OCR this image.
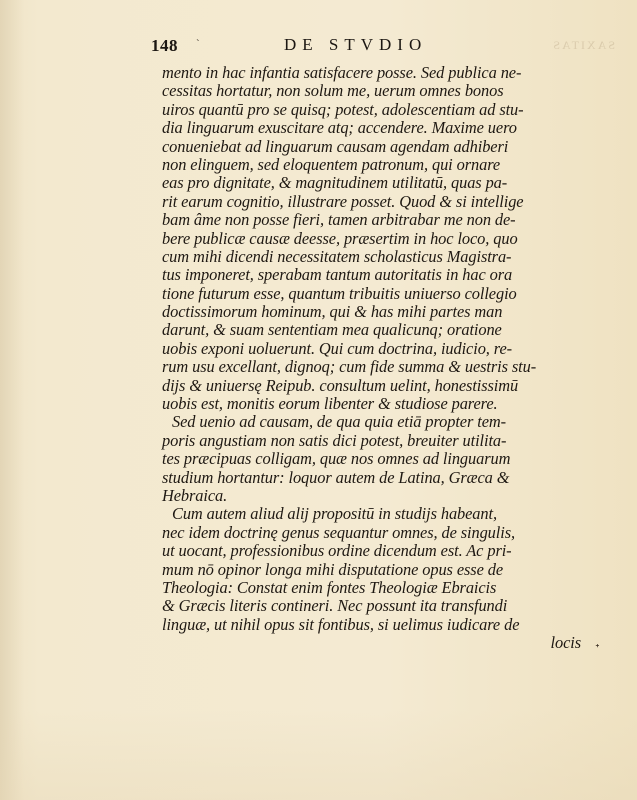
SAXITAS
148 ˋ	DE STVDIO
mento in hac infantia satisfacere posse. Sed publica ne-
cessitas hortatur, non solum me, uerum omnes bonos
uiros quantū pro se quisq; potest, adolescentiam ad stu-
dia linguarum exuscitare atq; accendere. Maxime uero
conueniebat ad linguarum causam agendam adhiberi
non elinguem, sed eloquentem patronum, qui ornare
eas pro dignitate, & magnitudinem utilitatū, quas pa-
rit earum cognitio, illustrare posset. Quod & si intellige
bam âme non posse fieri, tamen arbitrabar me non de-
bere publicæ causæ deesse, præsertim in hoc loco, quo
cum mihi dicendi necessitatem scholasticus Magistra-
tus imponeret, sperabam tantum autoritatis in hac ora
tione futurum esse, quantum tribuitis uniuerso collegio
doctissimorum hominum, qui & has mihi partes man
darunt, & suam sententiam mea qualicunq; oratione
uobis exponi uoluerunt. Qui cum doctrina, iudicio, re-
rum usu excellant, dignoq; cum fide summa & uestris stu-
dijs & uniuersę Reipub. consultum uelint, honestissimū
uobis est, monitis eorum libenter & studiose parere.
Sed uenio ad causam, de qua quia etiā propter tem-
poris angustiam non satis dici potest, breuiter utilita-
tes præcipuas colligam, quæ nos omnes ad linguarum
studium hortantur: loquor autem de Latina, Græca &
Hebraica.
Cum autem aliud alij propositū in studijs habeant,
nec idem doctrinę genus sequantur omnes, de singulis,
ut uocant, professionibus ordine dicendum est. Ac pri-
mum nō opinor longa mihi disputatione opus esse de
Theologia: Constat enim fontes Theologiæ Ebraicis
& Græcis literis contineri. Nec possunt ita transfundi
linguæ, ut nihil opus sit fontibus, si uelimus iudicare de
locis	ᐩ
